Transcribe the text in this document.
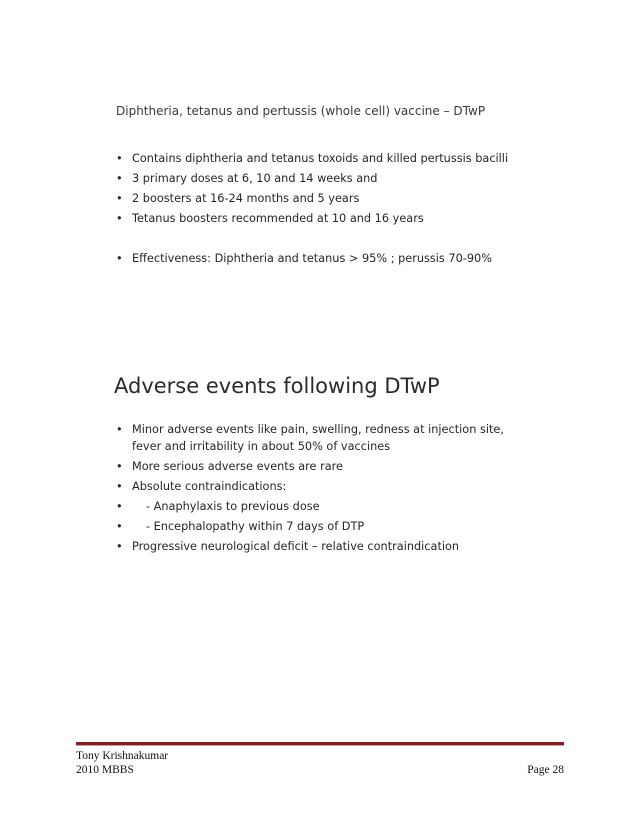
Diphtheria, tetanus and pertussis (whole cell) vaccine – DTwP
• Contains diphtheria and tetanus toxoids and killed pertussis bacilli
• 3 primary doses at 6, 10 and 14 weeks and
• 2 boosters at 16-24 months and 5 years
• Tetanus boosters recommended at 10 and 16 years
• Effectiveness: Diphtheria and tetanus > 95% ; perussis 70-90%
Adverse events following DTwP
• Minor adverse events like pain, swelling, redness at injection site,
fever and irritability in about 50% of vaccines
• More serious adverse events are rare
• Absolute contraindications:
• - Anaphylaxis to previous dose
• - Encephalopathy within 7 days of DTP
• Progressive neurological deficit – relative contraindication
Tony Krishnakumar
2010 MBBS	Page 28
